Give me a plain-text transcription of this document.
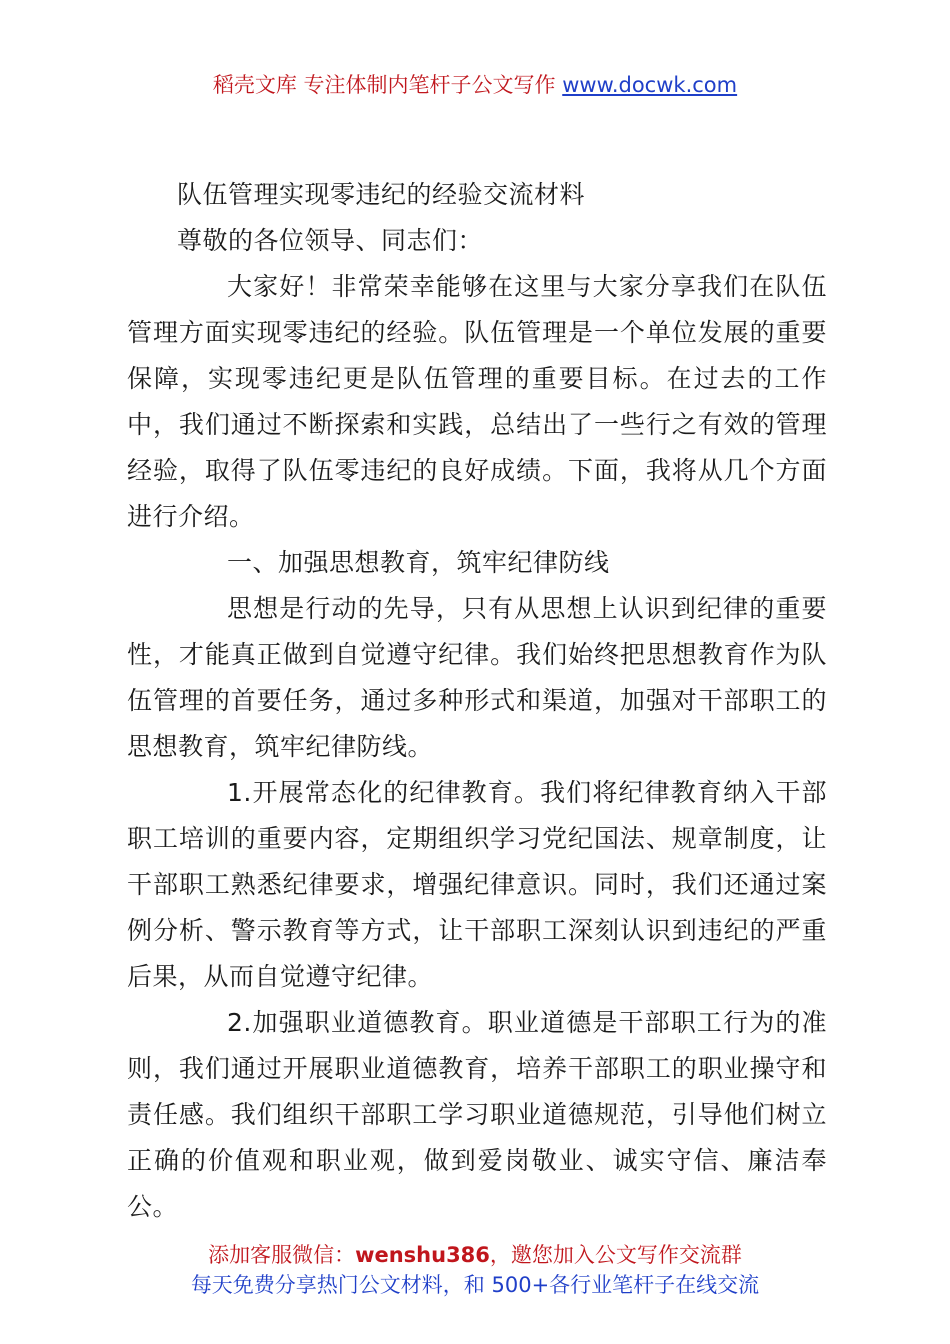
稻壳文库 专注体制内笔杆子公文写作 www.docwk.com

队伍管理实现零违纪的经验交流材料

尊敬的各位领导、同志们：

大家好！非常荣幸能够在这里与大家分享我们在队伍管理方面实现零违纪的经验。队伍管理是一个单位发展的重要保障，实现零违纪更是队伍管理的重要目标。在过去的工作中，我们通过不断探索和实践，总结出了一些行之有效的管理经验，取得了队伍零违纪的良好成绩。下面，我将从几个方面进行介绍。

一、加强思想教育，筑牢纪律防线

思想是行动的先导，只有从思想上认识到纪律的重要性，才能真正做到自觉遵守纪律。我们始终把思想教育作为队伍管理的首要任务，通过多种形式和渠道，加强对干部职工的思想教育，筑牢纪律防线。

1.开展常态化的纪律教育。我们将纪律教育纳入干部职工培训的重要内容，定期组织学习党纪国法、规章制度，让干部职工熟悉纪律要求，增强纪律意识。同时，我们还通过案例分析、警示教育等方式，让干部职工深刻认识到违纪的严重后果，从而自觉遵守纪律。

2.加强职业道德教育。职业道德是干部职工行为的准则，我们通过开展职业道德教育，培养干部职工的职业操守和责任感。我们组织干部职工学习职业道德规范，引导他们树立正确的价值观和职业观，做到爱岗敬业、诚实守信、廉洁奉公。

添加客服微信：wenshu386，邀您加入公文写作交流群
每天免费分享热门公文材料，和 500+各行业笔杆子在线交流
